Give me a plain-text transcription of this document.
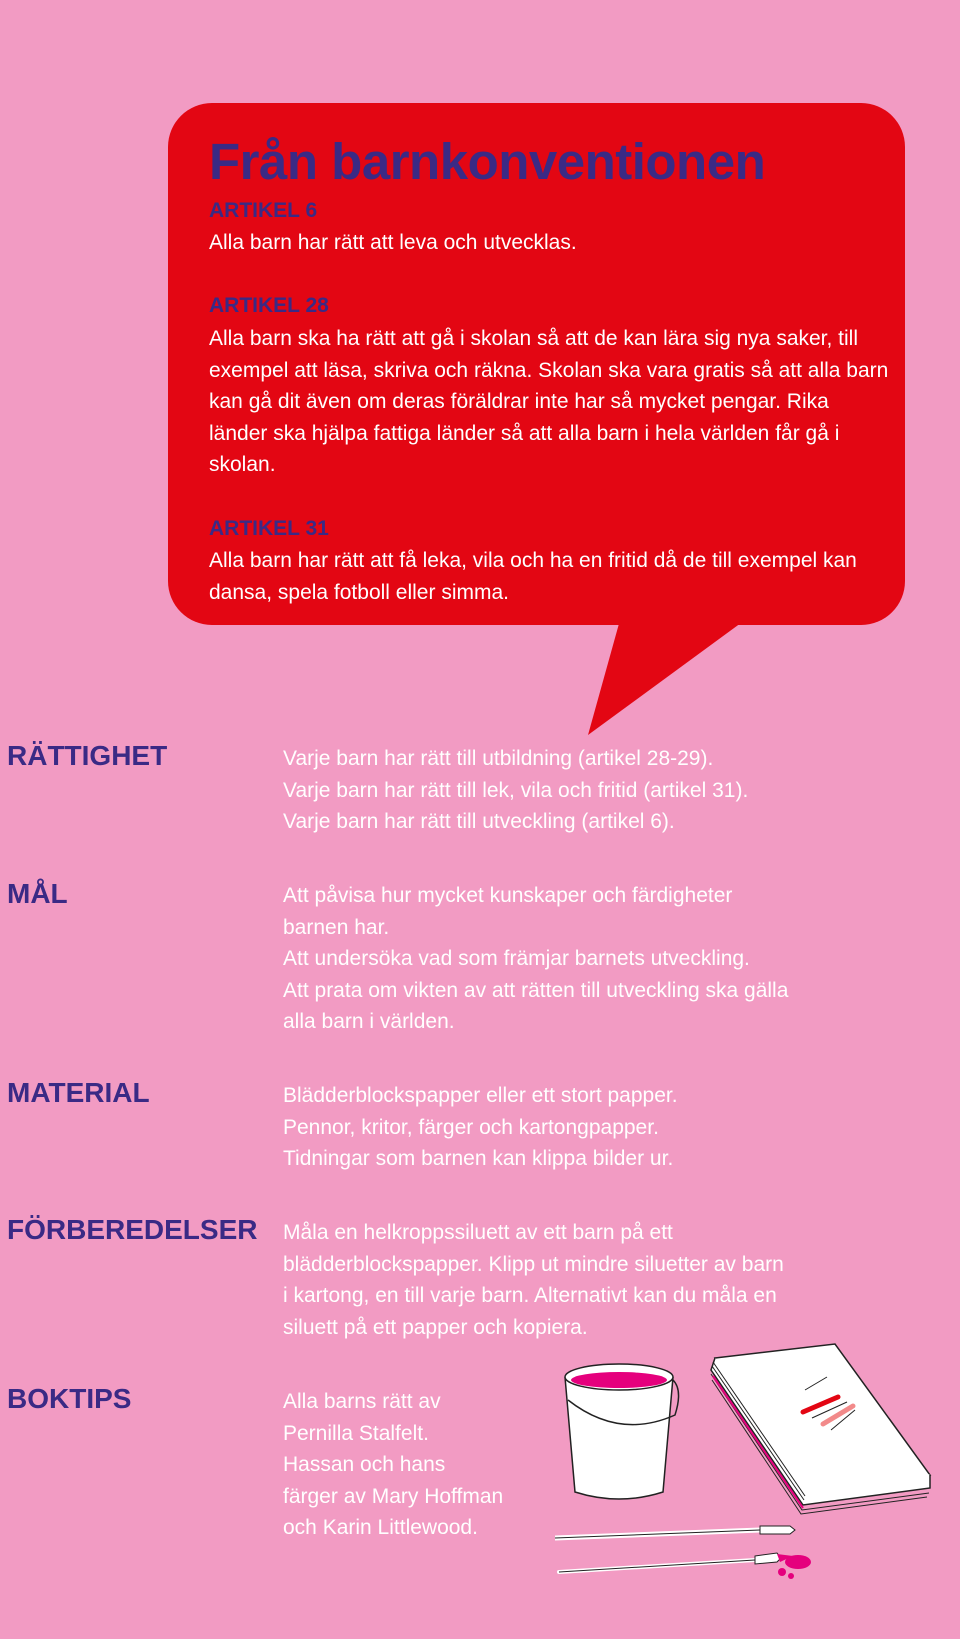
Från barnkonventionen
ARTIKEL 6

Alla barn har rätt att leva och utvecklas.

ARTIKEL 28

Alla barn ska ha rätt att gå i skolan så att de kan lära sig nya saker, till exempel att läsa, skriva och räkna. Skolan ska vara gratis så att alla barn kan gå dit även om deras föräldrar inte har så mycket pengar. Rika länder ska hjälpa fattiga länder så att alla barn i hela världen får gå i skolan.

ARTIKEL 31

Alla barn har rätt att få leka, vila och ha en fritid då de till exempel kan dansa, spela fotboll eller simma.

RÄTTIGHET	Varje barn har rätt till utbildning (artikel 28-29).
Varje barn har rätt till lek, vila och fritid (artikel 31).
Varje barn har rätt till utveckling (artikel 6).
MÅL	Att påvisa hur mycket kunskaper och färdigheter
barnen har.
Att undersöka vad som främjar barnets utveckling.
Att prata om vikten av att rätten till utveckling ska gälla
alla barn i världen.
MATERIAL	Blädderblockspapper eller ett stort papper.
Pennor, kritor, färger och kartongpapper.
Tidningar som barnen kan klippa bilder ur.
FÖRBEREDELSER Måla en helkroppssiluett av ett barn på ett
blädderblockspapper. Klipp ut mindre siluetter av barn
i kartong, en till varje barn. Alternativt kan du måla en
siluett på ett papper och kopiera.
BOKTIPS	Alla barns rätt av
Pernilla Stalfelt.
Hassan och hans
färger av Mary Hoffman
och Karin Littlewood.
